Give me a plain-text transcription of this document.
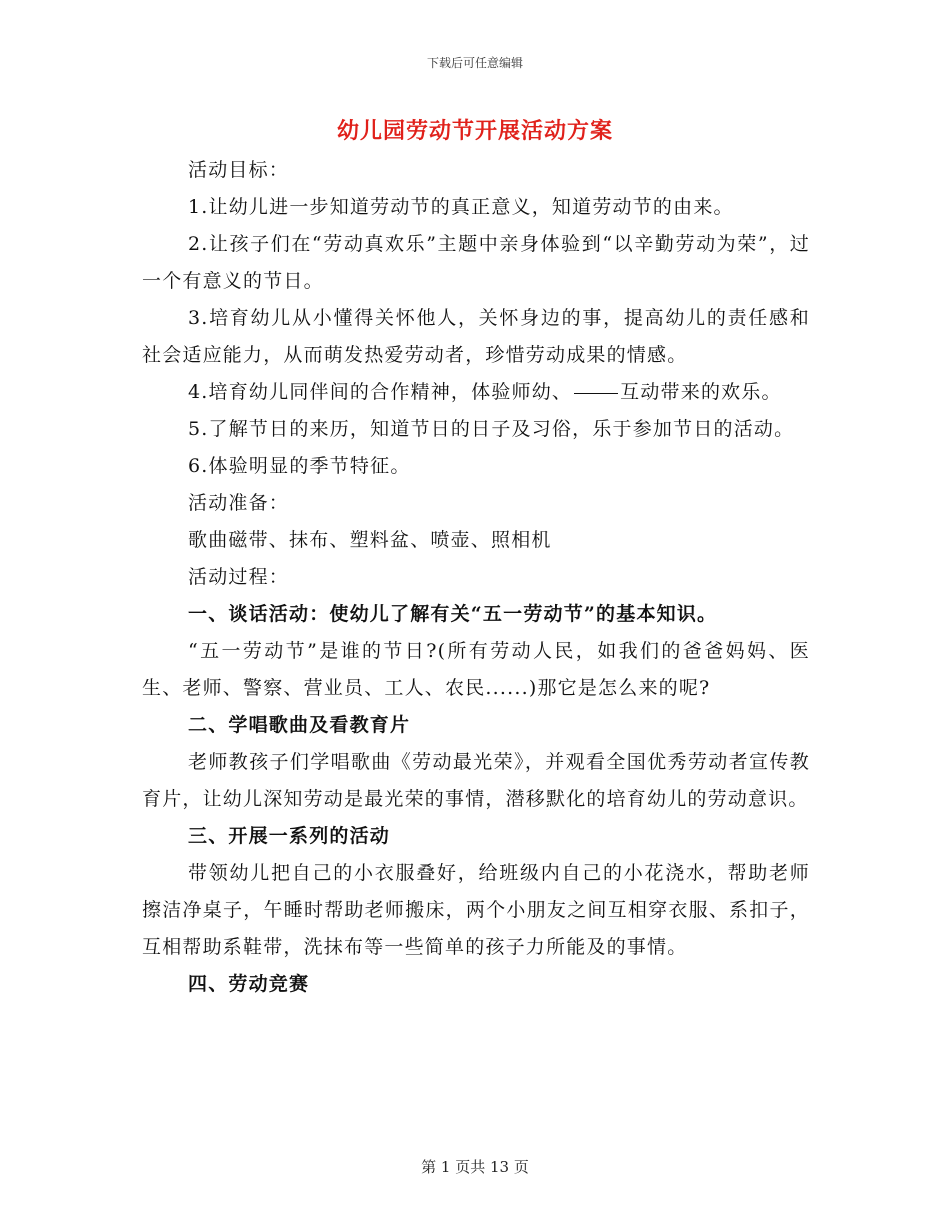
下载后可任意编辑
幼儿园劳动节开展活动方案

活动目标：

1.让幼儿进一步知道劳动节的真正意义，知道劳动节的由来。

2.让孩子们在“劳动真欢乐”主题中亲身体验到“以辛勤劳动为荣”，过一个有意义的节日。

3.培育幼儿从小懂得关怀他人，关怀身边的事，提高幼儿的责任感和社会适应能力，从而萌发热爱劳动者，珍惜劳动成果的情感。

4.培育幼儿同伴间的合作精神，体验师幼、	互动带来的欢乐。

5.了解节日的来历，知道节日的日子及习俗，乐于参加节日的活动。

6.体验明显的季节特征。

活动准备：

歌曲磁带、抹布、塑料盆、喷壶、照相机

活动过程：

一、谈话活动：使幼儿了解有关“五一劳动节”的基本知识。

“五一劳动节”是谁的节日?(所有劳动人民，如我们的爸爸妈妈、医生、老师、警察、营业员、工人、农民......)那它是怎么来的呢?

二、学唱歌曲及看教育片

老师教孩子们学唱歌曲《劳动最光荣》，并观看全国优秀劳动者宣传教育片，让幼儿深知劳动是最光荣的事情，潜移默化的培育幼儿的劳动意识。

三、开展一系列的活动

带领幼儿把自己的小衣服叠好，给班级内自己的小花浇水，帮助老师擦洁净桌子，午睡时帮助老师搬床，两个小朋友之间互相穿衣服、系扣子，互相帮助系鞋带，洗抹布等一些简单的孩子力所能及的事情。

四、劳动竞赛

第 1 页共 13 页
